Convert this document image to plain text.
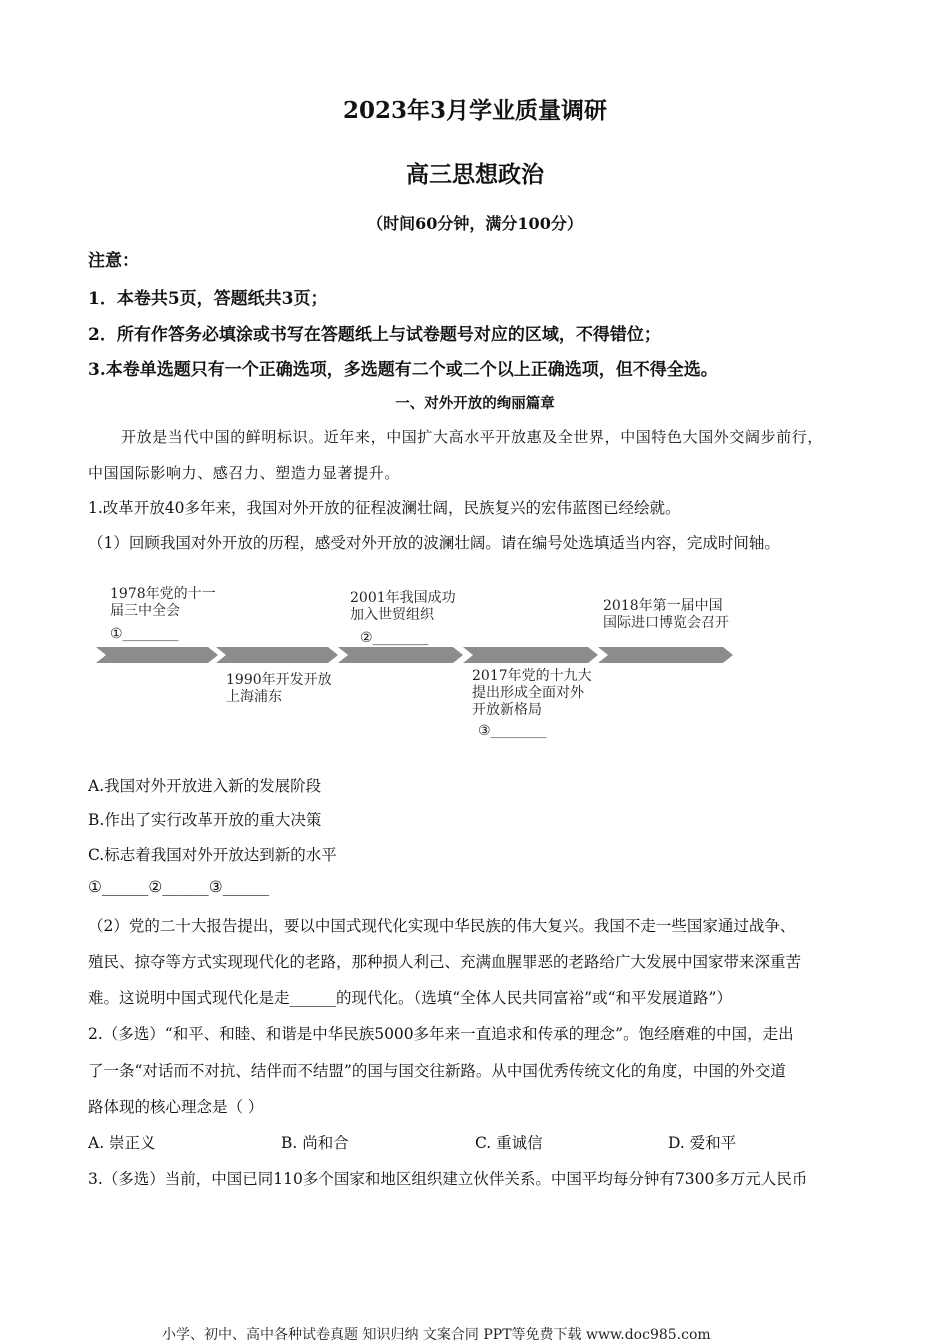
2023年3月学业质量调研
高三思想政治
（时间60分钟，满分100分）
注意：
1．本卷共5页，答题纸共3页；
2．所有作答务必填涂或书写在答题纸上与试卷题号对应的区域，不得错位；
3.本卷单选题只有一个正确选项，多选题有二个或二个以上正确选项，但不得全选。
一、对外开放的绚丽篇章
开放是当代中国的鲜明标识。近年来，中国扩大高水平开放惠及全世界，中国特色大国外交阔步前行，
中国国际影响力、感召力、塑造力显著提升。
1.改革开放40多年来，我国对外开放的征程波澜壮阔，民族复兴的宏伟蓝图已经绘就。
（1）回顾我国对外开放的历程，感受对外开放的波澜壮阔。请在编号处选填适当内容，完成时间轴。
1978年党的十一
届三中全会
①________
2001年我国成功
加入世贸组织
②________
2018年第一届中国
国际进口博览会召开
1990年开发开放
上海浦东
2017年党的十九大
提出形成全面对外
开放新格局
③________
A.我国对外开放进入新的发展阶段
B.作出了实行改革开放的重大决策
C.标志着我国对外开放达到新的水平
①______②______③______
（2）党的二十大报告提出，要以中国式现代化实现中华民族的伟大复兴。我国不走一些国家通过战争、
殖民、掠夺等方式实现现代化的老路，那种损人利己、充满血腥罪恶的老路给广大发展中国家带来深重苦
难。这说明中国式现代化是走______的现代化。（选填“全体人民共同富裕”或“和平发展道路”）
2.（多选）“和平、和睦、和谐是中华民族5000多年来一直追求和传承的理念”。饱经磨难的中国，走出
了一条“对话而不对抗、结伴而不结盟”的国与国交往新路。从中国优秀传统文化的角度，中国的外交道
路体现的核心理念是（ ）
A. 崇正义	B. 尚和合	C. 重诚信	D. 爱和平
3.（多选）当前，中国已同110多个国家和地区组织建立伙伴关系。中国平均每分钟有7300多万元人民币
小学、初中、高中各种试卷真题 知识归纳 文案合同 PPT等免费下载 www.doc985.com
